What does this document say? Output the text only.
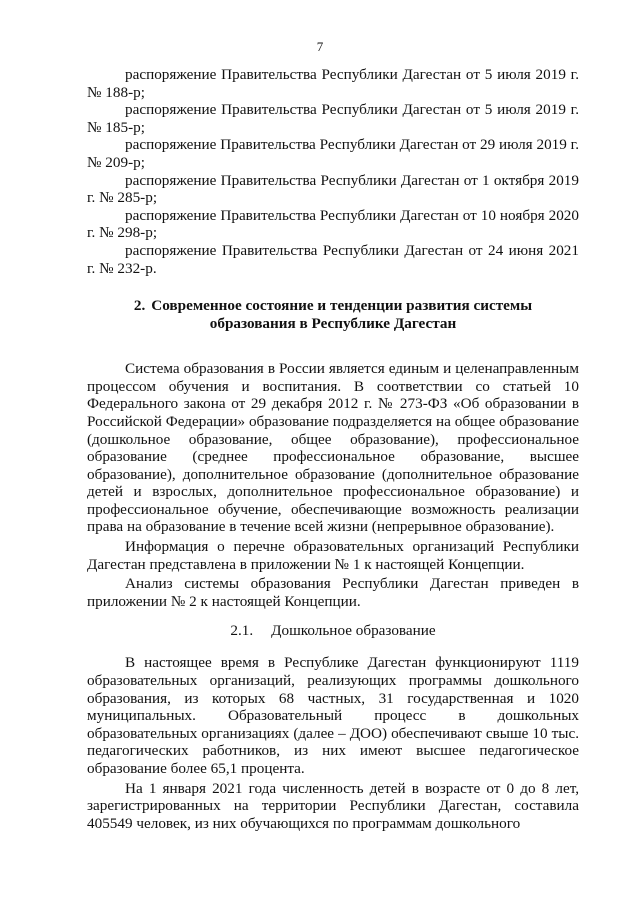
7

распоряжение Правительства Республики Дагестан от 5 июля 2019 г. № 188-р;

распоряжение Правительства Республики Дагестан от 5 июля 2019 г. № 185-р;

распоряжение Правительства Республики Дагестан от 29 июля 2019 г. № 209-р;

распоряжение Правительства Республики Дагестан от 1 октября 2019 г. № 285-р;

распоряжение Правительства Республики Дагестан от 10 ноября 2020 г. № 298-р;

распоряжение Правительства Республики Дагестан от 24 июня 2021 г. № 232-р.

2. Современное состояние и тенденции развития системы
образования в Республике Дагестан

Система образования в России является единым и целенаправленным процессом обучения и воспитания. В соответствии со статьей 10 Федерального закона от 29 декабря 2012 г. № 273-ФЗ «Об образовании в Российской Федерации» образование подразделяется на общее образование (дошкольное образование, общее образование), профессиональное образование (среднее профессиональное образование, высшее образование), дополнительное образование (дополнительное образование детей и взрослых, дополнительное профессиональное образование) и профессиональное обучение, обеспечивающие возможность реализации права на образование в течение всей жизни (непрерывное образование).

Информация о перечне образовательных организаций Республики Дагестан представлена в приложении № 1 к настоящей Концепции.

Анализ системы образования Республики Дагестан приведен в приложении № 2 к настоящей Концепции.

2.1. Дошкольное образование

В настоящее время в Республике Дагестан функционируют 1119 образовательных организаций, реализующих программы дошкольного образования, из которых 68 частных, 31 государственная и 1020 муниципальных. Образовательный процесс в дошкольных образовательных организациях (далее – ДОО) обеспечивают свыше 10 тыс. педагогических работников, из них имеют высшее педагогическое образование более 65,1 процента.

На 1 января 2021 года численность детей в возрасте от 0 до 8 лет, зарегистрированных на территории Республики Дагестан, составила 405549 человек, из них обучающихся по программам дошкольного
